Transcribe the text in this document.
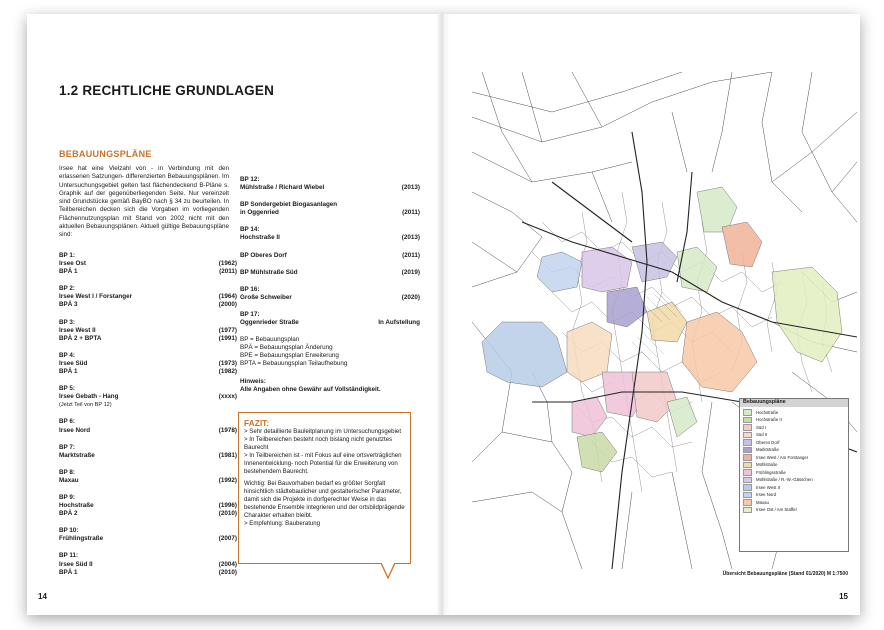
1.2 RECHTLICHE GRUNDLAGEN
BEBAUUNGSPLÄNE

Irsee hat eine Vielzahl von - in Verbindung mit den erlassenen Satzungen- differenzierten Bebauungsplänen. Im Untersuchungsgebiet gelten fast flächendeckend B-Pläne s. Graphik auf der gegenüberliegenden Seite. Nur vereinzelt sind Grundstücke gemäß BayBO nach § 34 zu beurteilen. In Teilbereichen decken sich die Vorgaben im vorliegenden Flächennutzungsplan mit Stand von 2002 nicht mit den aktuellen Bebauungsplänen. Aktuell gültige Bebauungspläne sind:

BP 1:
Irsee Ost	(1962)
BPÄ 1	(2011)
BP 2:
Irsee West I / Forstanger	(1964)
BPÄ 3	(2000)
BP 3:
Irsee West II	(1977)
BPÄ 2 + BPTA	(1991)
BP 4:
Irsee Süd	(1973)
BPÄ 1	(1982)
BP 5:
Irsee Gebath - Hang	(xxxx)
(Jetzt Teil von BP 12)
BP 6:
Irsee Nord	(1978)
BP 7:
Marktstraße	(1981)
BP 8:
Maxau	(1992)
BP 9:
Hochstraße	(1996)
BPÄ 2	(2010)
BP 10:
Frühlingstraße	(2007)
BP 11:
Irsee Süd II	(2004)
BPÄ 1	(2010)
BP 12:
Mühlstraße / Richard Wiebel	(2013)
BP Sondergebiet Biogasanlagen
in Oggenried	(2011)
BP 14:
Hochstraße II	(2013)
BP Oberes Dorf	(2011)
BP Mühlstraße Süd	(2019)
BP 16:
Große Schweiber	(2020)
BP 17:
Oggenrieder Straße	In Aufstellung
BP = Bebauungsplan
BPÄ = Bebauungsplan Änderung
BPE = Bebauungsplan Erweiterung
BPTA = Bebauungsplan Teilaufhebung
Hinweis:
Alle Angaben ohne Gewähr auf Vollständigkeit.
FAZIT:

> Sehr detaillierte Bauleitplanung im Untersuchungsgebiet

> In Teilbereichen besteht noch bislang nicht genutztes Baurecht

> In Teilbereichen ist - mit Fokus auf eine ortsverträglichen Innenentwicklung- noch Potential für die Erweiterung von bestehendem Baurecht.

Wichtig: Bei Bauvorhaben bedarf es größter Sorgfalt hinsichtlich städtebaulicher und gestalterischer Parameter, damit sich die Projekte in dorfgerechter Weise in das bestehende Ensemble integrieren und der ortsbildprägende Charakter erhalten bleibt.

> Empfehlung: Bauberatung

14
Bebauungspläne
Hochstraße
Hochstraße II
Süd I
Süd II
Oberes Dorf
Marktstraße
Irsee West / Am Forstanger
Mühlstraße
Frühlingsstraße
Mühlstraße / R.-W.-Gässchen
Irsee West II
Irsee Nord
Maxau
Irsee Ost / Am Staffel
Übersicht Bebauungspläne (Stand 01/2020) M 1:7500
15
